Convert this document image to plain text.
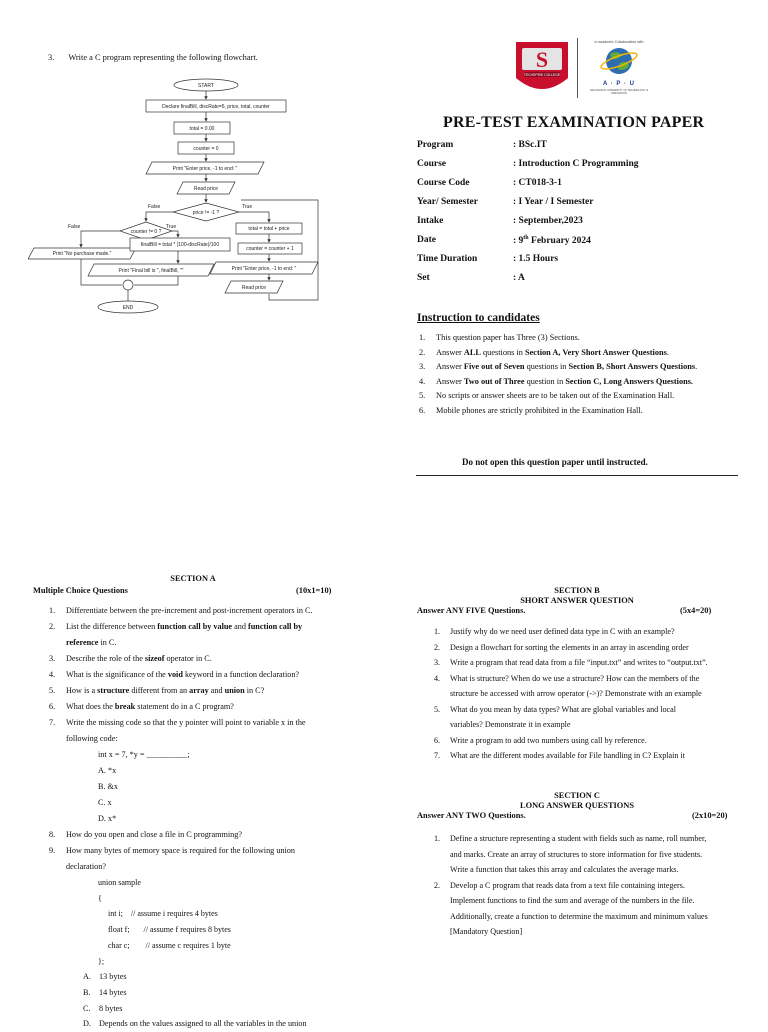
3. Write a C program representing the following flowchart.
START
Declare finalBill, discRate=5, price, total, counter
total = 0.00
counter = 0
Print "Enter price, -1 to end: "
Read price
price != -1 ?
False	True
counter != 0 ?
False	True	total = total + price
Print "No purchase made."
finalBill = total * (100-discRate)/100
counter = counter + 1
Print "Final bill is ", finalBill, ""	Print "Enter price, -1 to end: "
Read price
END
S
TECHSPIRE COLLEGE
In academic Collaboration with
A · P · U
ASIA PACIFIC UNIVERSITY OF TECHNOLOGY & INNOVATION
PRE-TEST EXAMINATION PAPER
Program	: BSc.IT
Course	: Introduction C Programming
Course Code	: CT018-3-1
Year/ Semester	: I Year / I Semester
Intake	: September,2023
Date	: 9th February 2024
Time Duration	: 1.5 Hours
Set	: A
Instruction to candidates
1. This question paper has Three (3) Sections.
2. Answer ALL questions in Section A, Very Short Answer Questions.
3. Answer Five out of Seven questions in Section B, Short Answers Questions.
4. Answer Two out of Three question in Section C, Long Answers Questions.
5. No scripts or answer sheets are to be taken out of the Examination Hall.
6. Mobile phones are strictly prohibited in the Examination Hall.
Do not open this question paper until instructed.
SECTION A
Multiple Choice Questions	(10x1=10)
1. Differentiate between the pre-increment and post-increment operators in C.
2. List the difference between function call by value and function call by
reference in C.
3. Describe the role of the sizeof operator in C.
4. What is the significance of the void keyword in a function declaration?
5. How is a structure different from an array and union in C?
6. What does the break statement do in a C program?
7. Write the missing code so that the y pointer will point to variable x in the
following code:
int x = 7, *y = __________;
A. *x
B. &x
C. x
D. x*
8. How do you open and close a file in C programming?
9. How many bytes of memory space is required for the following union
declaration?
union sample
{
int i;    // assume i requires 4 bytes
float f;       // assume f requires 8 bytes
char c;        // assume c requires 1 byte
};
A. 13 bytes
B. 14 bytes
C. 8 bytes
D. Depends on the values assigned to all the variables in the union
SECTION B
SHORT ANSWER QUESTION
Answer ANY FIVE Questions.	(5x4=20)
1. Justify why do we need user defined data type in C with an example?
2. Design a flowchart for sorting the elements in an array in ascending order
3. Write a program that read data from a file “input.txt” and writes to “output.txt”.
4. What is structure? When do we use a structure? How can the members of the
structure be accessed with arrow operator (->)? Demonstrate with an example
5. What do you mean by data types? What are global variables and local
variables? Demonstrate it in example
6. Write a program to add two numbers using call by reference.
7. What are the different modes available for File handling in C? Explain it
SECTION C
LONG ANSWER QUESTIONS
Answer ANY TWO Questions.	(2x10=20)
1. Define a structure representing a student with fields such as name, roll number,
and marks. Create an array of structures to store information for five students.
Write a function that takes this array and calculates the average marks.
2. Develop a C program that reads data from a text file containing integers.
Implement functions to find the sum and average of the numbers in the file.
Additionally, create a function to determine the maximum and minimum values
[Mandatory Question]
